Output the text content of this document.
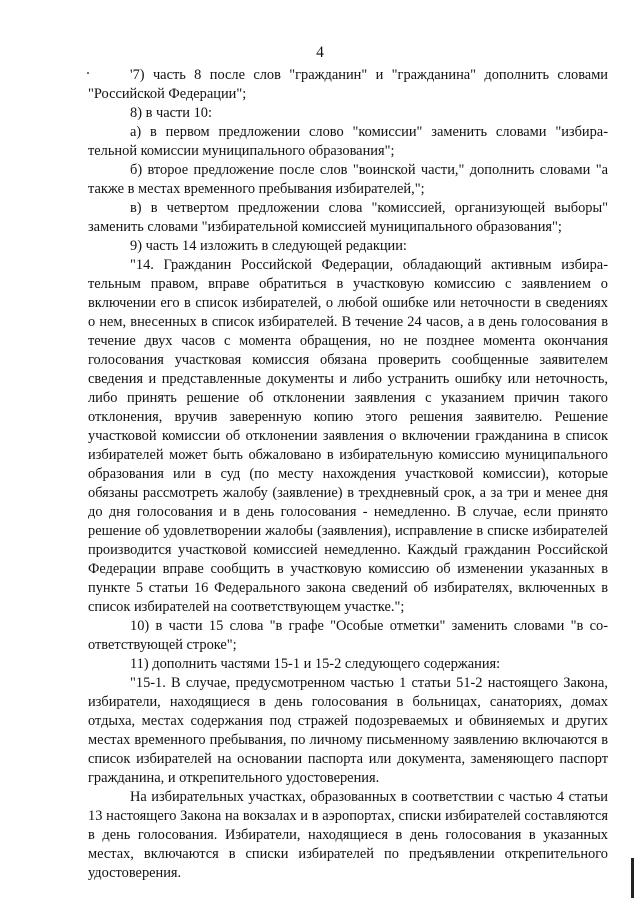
4

'7) часть 8 после слов "гражданин" и "гражданина" дополнить словами "Российской Федерации";

8) в части 10:

а) в первом предложении слово "комиссии" заменить словами "избирательной комиссии муниципального образования";

б) второе предложение после слов "воинской части," дополнить словами "а также в местах временного пребывания избирателей,";

в) в четвертом предложении слова "комиссией, организующей выборы" заменить словами "избирательной комиссией муниципального образования";

9) часть 14 изложить в следующей редакции:

"14. Гражданин Российской Федерации, обладающий активным избирательным правом, вправе обратиться в участковую комиссию с заявлением о включении его в список избирателей, о любой ошибке или неточности в сведениях о нем, внесенных в список избирателей. В течение 24 часов, а в день голосования в течение двух часов с момента обращения, но не позднее момента окончания голосования участковая комиссия обязана проверить сообщенные заявителем сведения и представленные документы и либо устранить ошибку или неточность, либо принять решение об отклонении заявления с указанием причин такого отклонения, вручив заверенную копию этого решения заявителю. Решение участковой комиссии об отклонении заявления о включении гражданина в список избирателей может быть обжаловано в избирательную комиссию муниципального образования или в суд (по месту нахождения участковой комиссии), которые обязаны рассмотреть жалобу (заявление) в трехдневный срок, а за три и менее дня до дня голосования и в день голосования - немедленно. В случае, если принято решение об удовлетворении жалобы (заявления), исправление в списке избирателей производится участковой комиссией немедленно. Каждый гражданин Российской Федерации вправе сообщить в участковую комиссию об изменении указанных в пункте 5 статьи 16 Федерального закона сведений об избирателях, включенных в список избирателей на соответствующем участке.";

10) в части 15 слова "в графе "Особые отметки" заменить словами "в соответствующей строке";

11) дополнить частями 15-1 и 15-2 следующего содержания:

"15-1. В случае, предусмотренном частью 1 статьи 51-2 настоящего Закона, избиратели, находящиеся в день голосования в больницах, санаториях, домах отдыха, местах содержания под стражей подозреваемых и обвиняемых и других местах временного пребывания, по личному письменному заявлению включаются в список избирателей на основании паспорта или документа, заменяющего паспорт гражданина, и открепительного удостоверения.

На избирательных участках, образованных в соответствии с частью 4 статьи 13 настоящего Закона на вокзалах и в аэропортах, списки избирателей составляются в день голосования. Избиратели, находящиеся в день голосования в указанных местах, включаются в списки избирателей по предъявлении открепительного удостоверения.
